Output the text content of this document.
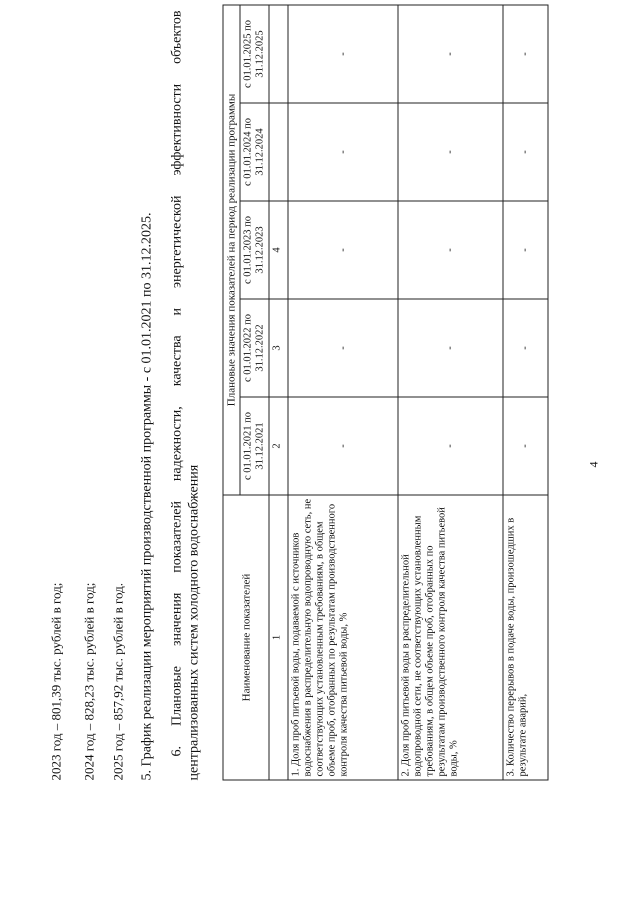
4
2023 год – 801,39 тыс. рублей в год; 2024 год – 828,23 тыс. рублей в год; 2025 год – 857,92 тыс. рублей в год. 5. График реализации мероприятий производственной программы - с 01.01.2021 по 31.12.2025. 6. Плановые значения показателей надежности, качества и энергетической эффективности объектов централизованных систем холодного водоснабжения	Наименование показателей	Плановые значения показателей на период реализации программы				
	с 01.01.2021 по 31.12.2021	с 01.01.2022 по 31.12.2022	с 01.01.2023 по 31.12.2023	с 01.01.2024 по 31.12.2024	с 01.01.2025 по 31.12.2025
1	2	3	4		
1. Доля проб питьевой воды, подаваемой с источников водоснабжения в распределительную водопроводную сеть, не соответствующих установленным требованиям, в общем объеме проб, отобранных по результатам производственного контроля качества питьевой воды, %	-	-	-	-	-
2. Доля проб питьевой воды в распределительной водопроводной сети, не соответствующих установленным требованиям, в общем объеме проб, отобранных по результатам производственного контроля качества питьевой воды, %	-	-	-	-	-
3. Количество перерывов в подаче воды, произошедших в результате аварий,	-	-	-	-	-
